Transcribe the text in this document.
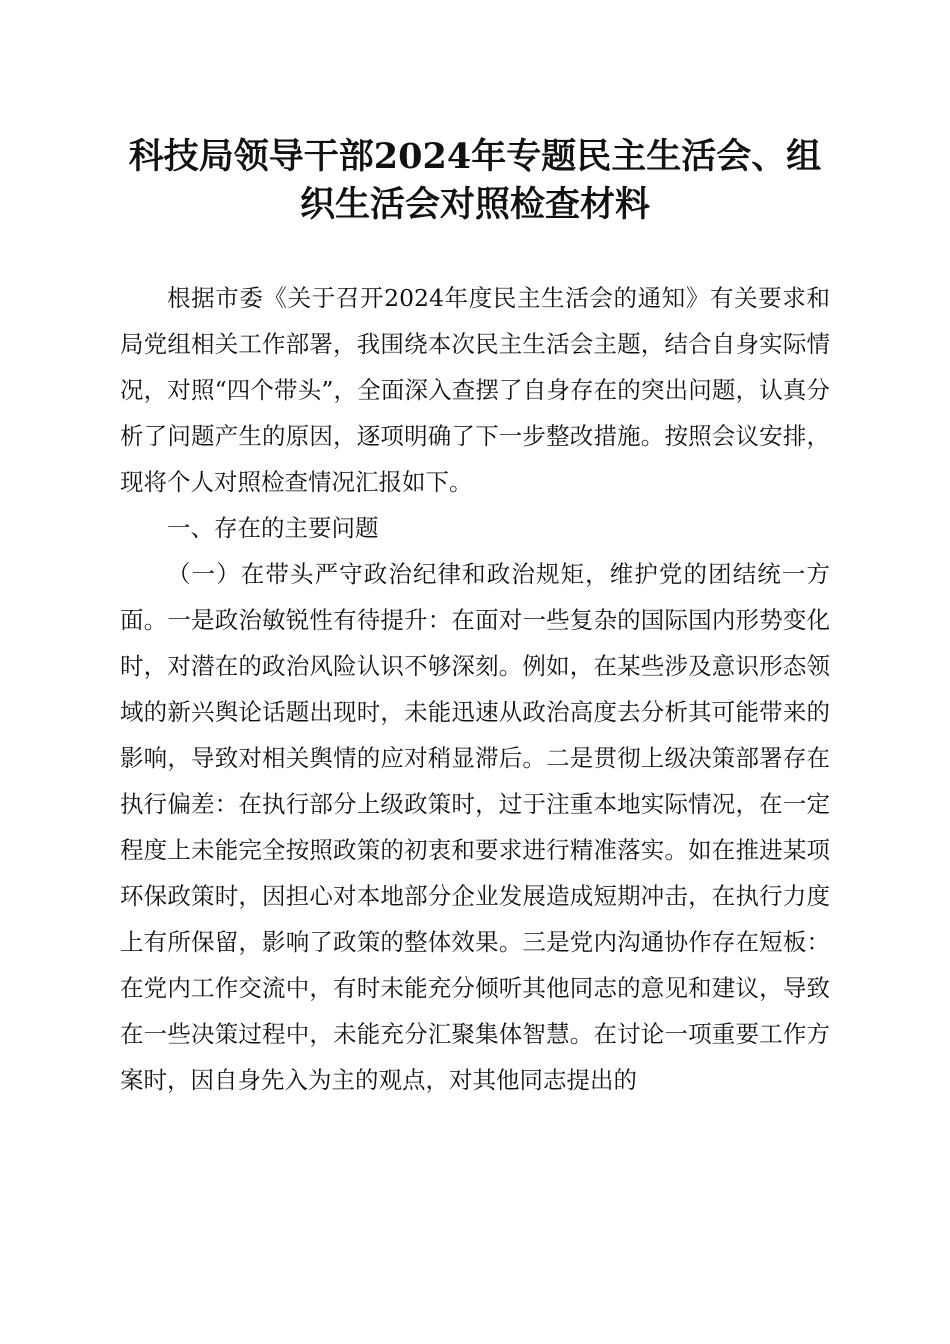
科技局领导干部2024年专题民主生活会、组
织生活会对照检查材料

根据市委《关于召开2024年度民主生活会的通知》有关要求和局党组相关工作部署，我围绕本次民主生活会主题，结合自身实际情况，对照“四个带头”，全面深入查摆了自身存在的突出问题，认真分析了问题产生的原因，逐项明确了下一步整改措施。按照会议安排，现将个人对照检查情况汇报如下。

一、存在的主要问题

（一）在带头严守政治纪律和政治规矩，维护党的团结统一方面。一是政治敏锐性有待提升：在面对一些复杂的国际国内形势变化时，对潜在的政治风险认识不够深刻。例如，在某些涉及意识形态领域的新兴舆论话题出现时，未能迅速从政治高度去分析其可能带来的影响，导致对相关舆情的应对稍显滞后。二是贯彻上级决策部署存在执行偏差：在执行部分上级政策时，过于注重本地实际情况，在一定程度上未能完全按照政策的初衷和要求进行精准落实。如在推进某项环保政策时，因担心对本地部分企业发展造成短期冲击，在执行力度上有所保留，影响了政策的整体效果。三是党内沟通协作存在短板：在党内工作交流中，有时未能充分倾听其他同志的意见和建议，导致在一些决策过程中，未能充分汇聚集体智慧。在讨论一项重要工作方案时，因自身先入为主的观点，对其他同志提出的
